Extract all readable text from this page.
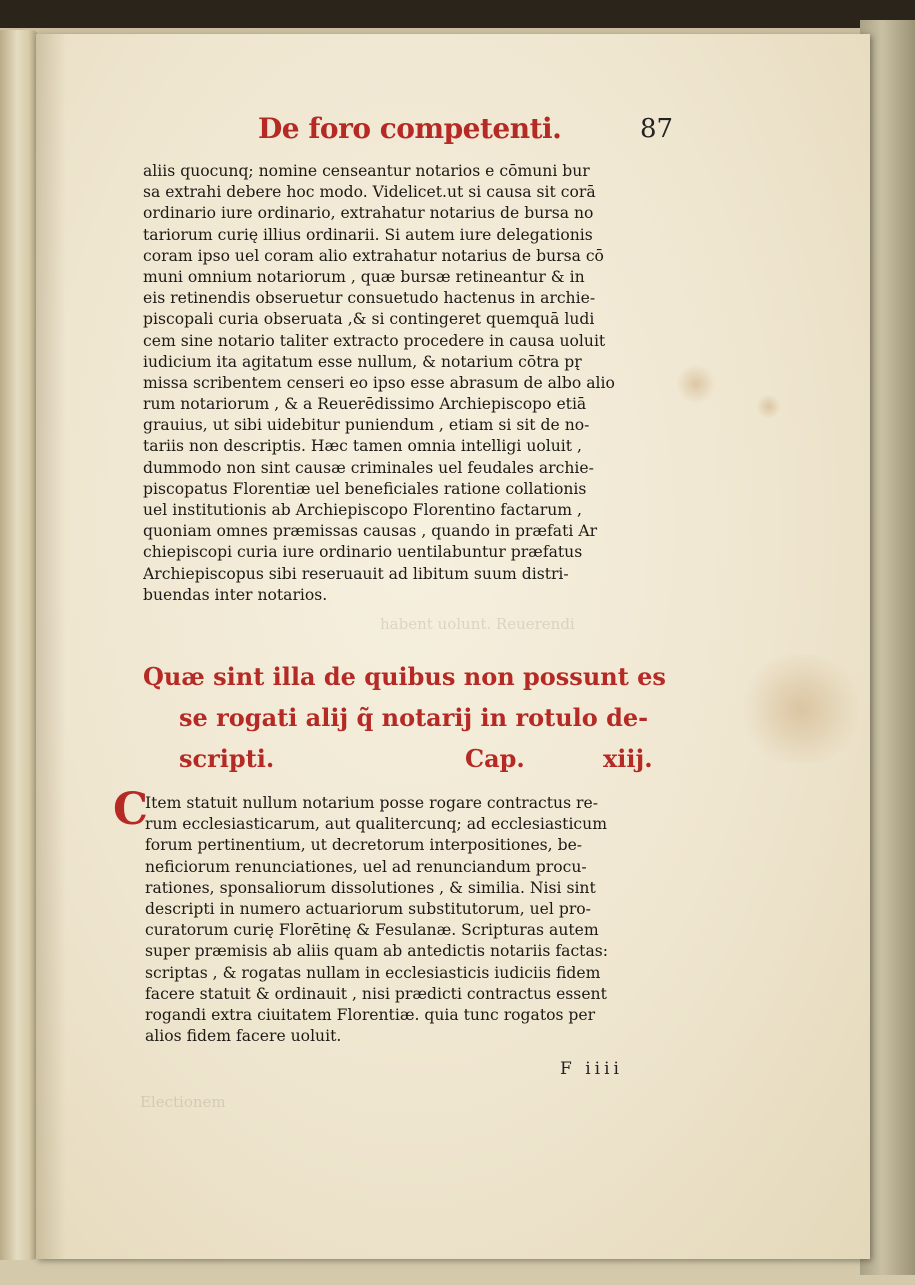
habent uolunt. Reuerendi
Electionem
De foro competenti.	87
aliis quocunq; nomine censeantur notarios e cōmuni bur
sa extrahi debere hoc modo. Videlicet.ut si causa sit corā
ordinario iure ordinario, extrahatur notarius de bursa no
tariorum curię illius ordinarii. Si autem iure delegationis
coram ipso uel coram alio extrahatur notarius de bursa cō
muni omnium notariorum , quæ bursæ retineantur & in
eis retinendis obseruetur consuetudo hactenus in archie-
piscopali curia obseruata ,& si contingeret quemquā ludi
cem sine notario taliter extracto procedere in causa uoluit
iudicium ita agitatum esse nullum, & notarium cōtra pr̨
missa scribentem censeri eo ipso esse abrasum de albo alio
rum notariorum , & a Reuerēdissimo Archiepiscopo etiā
grauius, ut sibi uidebitur puniendum , etiam si sit de no-
tariis non descriptis. Hæc tamen omnia intelligi uoluit ,
dummodo non sint causæ criminales uel feudales archie-
piscopatus Florentiæ uel beneficiales ratione collationis
uel institutionis ab Archiepiscopo Florentino factarum ,
quoniam omnes præmissas causas , quando in præfati Ar
chiepiscopi curia iure ordinario uentilabuntur præfatus
Archiepiscopus sibi reseruauit ad libitum suum distri-
buendas inter notarios.
Quæ sint illa de quibus non possunt es
se rogati alij q̃ notarij in rotulo de-
scripti.	Cap.	xiij.
C
Item statuit nullum notarium posse rogare contractus re-
rum ecclesiasticarum, aut qualitercunq; ad ecclesiasticum
forum pertinentium, ut decretorum interpositiones, be-
neficiorum renunciationes, uel ad renunciandum procu-
rationes, sponsaliorum dissolutiones , & similia. Nisi sint
descripti in numero actuariorum substitutorum, uel pro-
curatorum curię Florētinę & Fesulanæ. Scripturas autem
super præmisis ab aliis quam ab antedictis notariis factas:
scriptas , & rogatas nullam in ecclesiasticis iudiciis fidem
facere statuit & ordinauit , nisi prædicti contractus essent
rogandi extra ciuitatem Florentiæ. quia tunc rogatos per
alios fidem facere uoluit.
F iiii
